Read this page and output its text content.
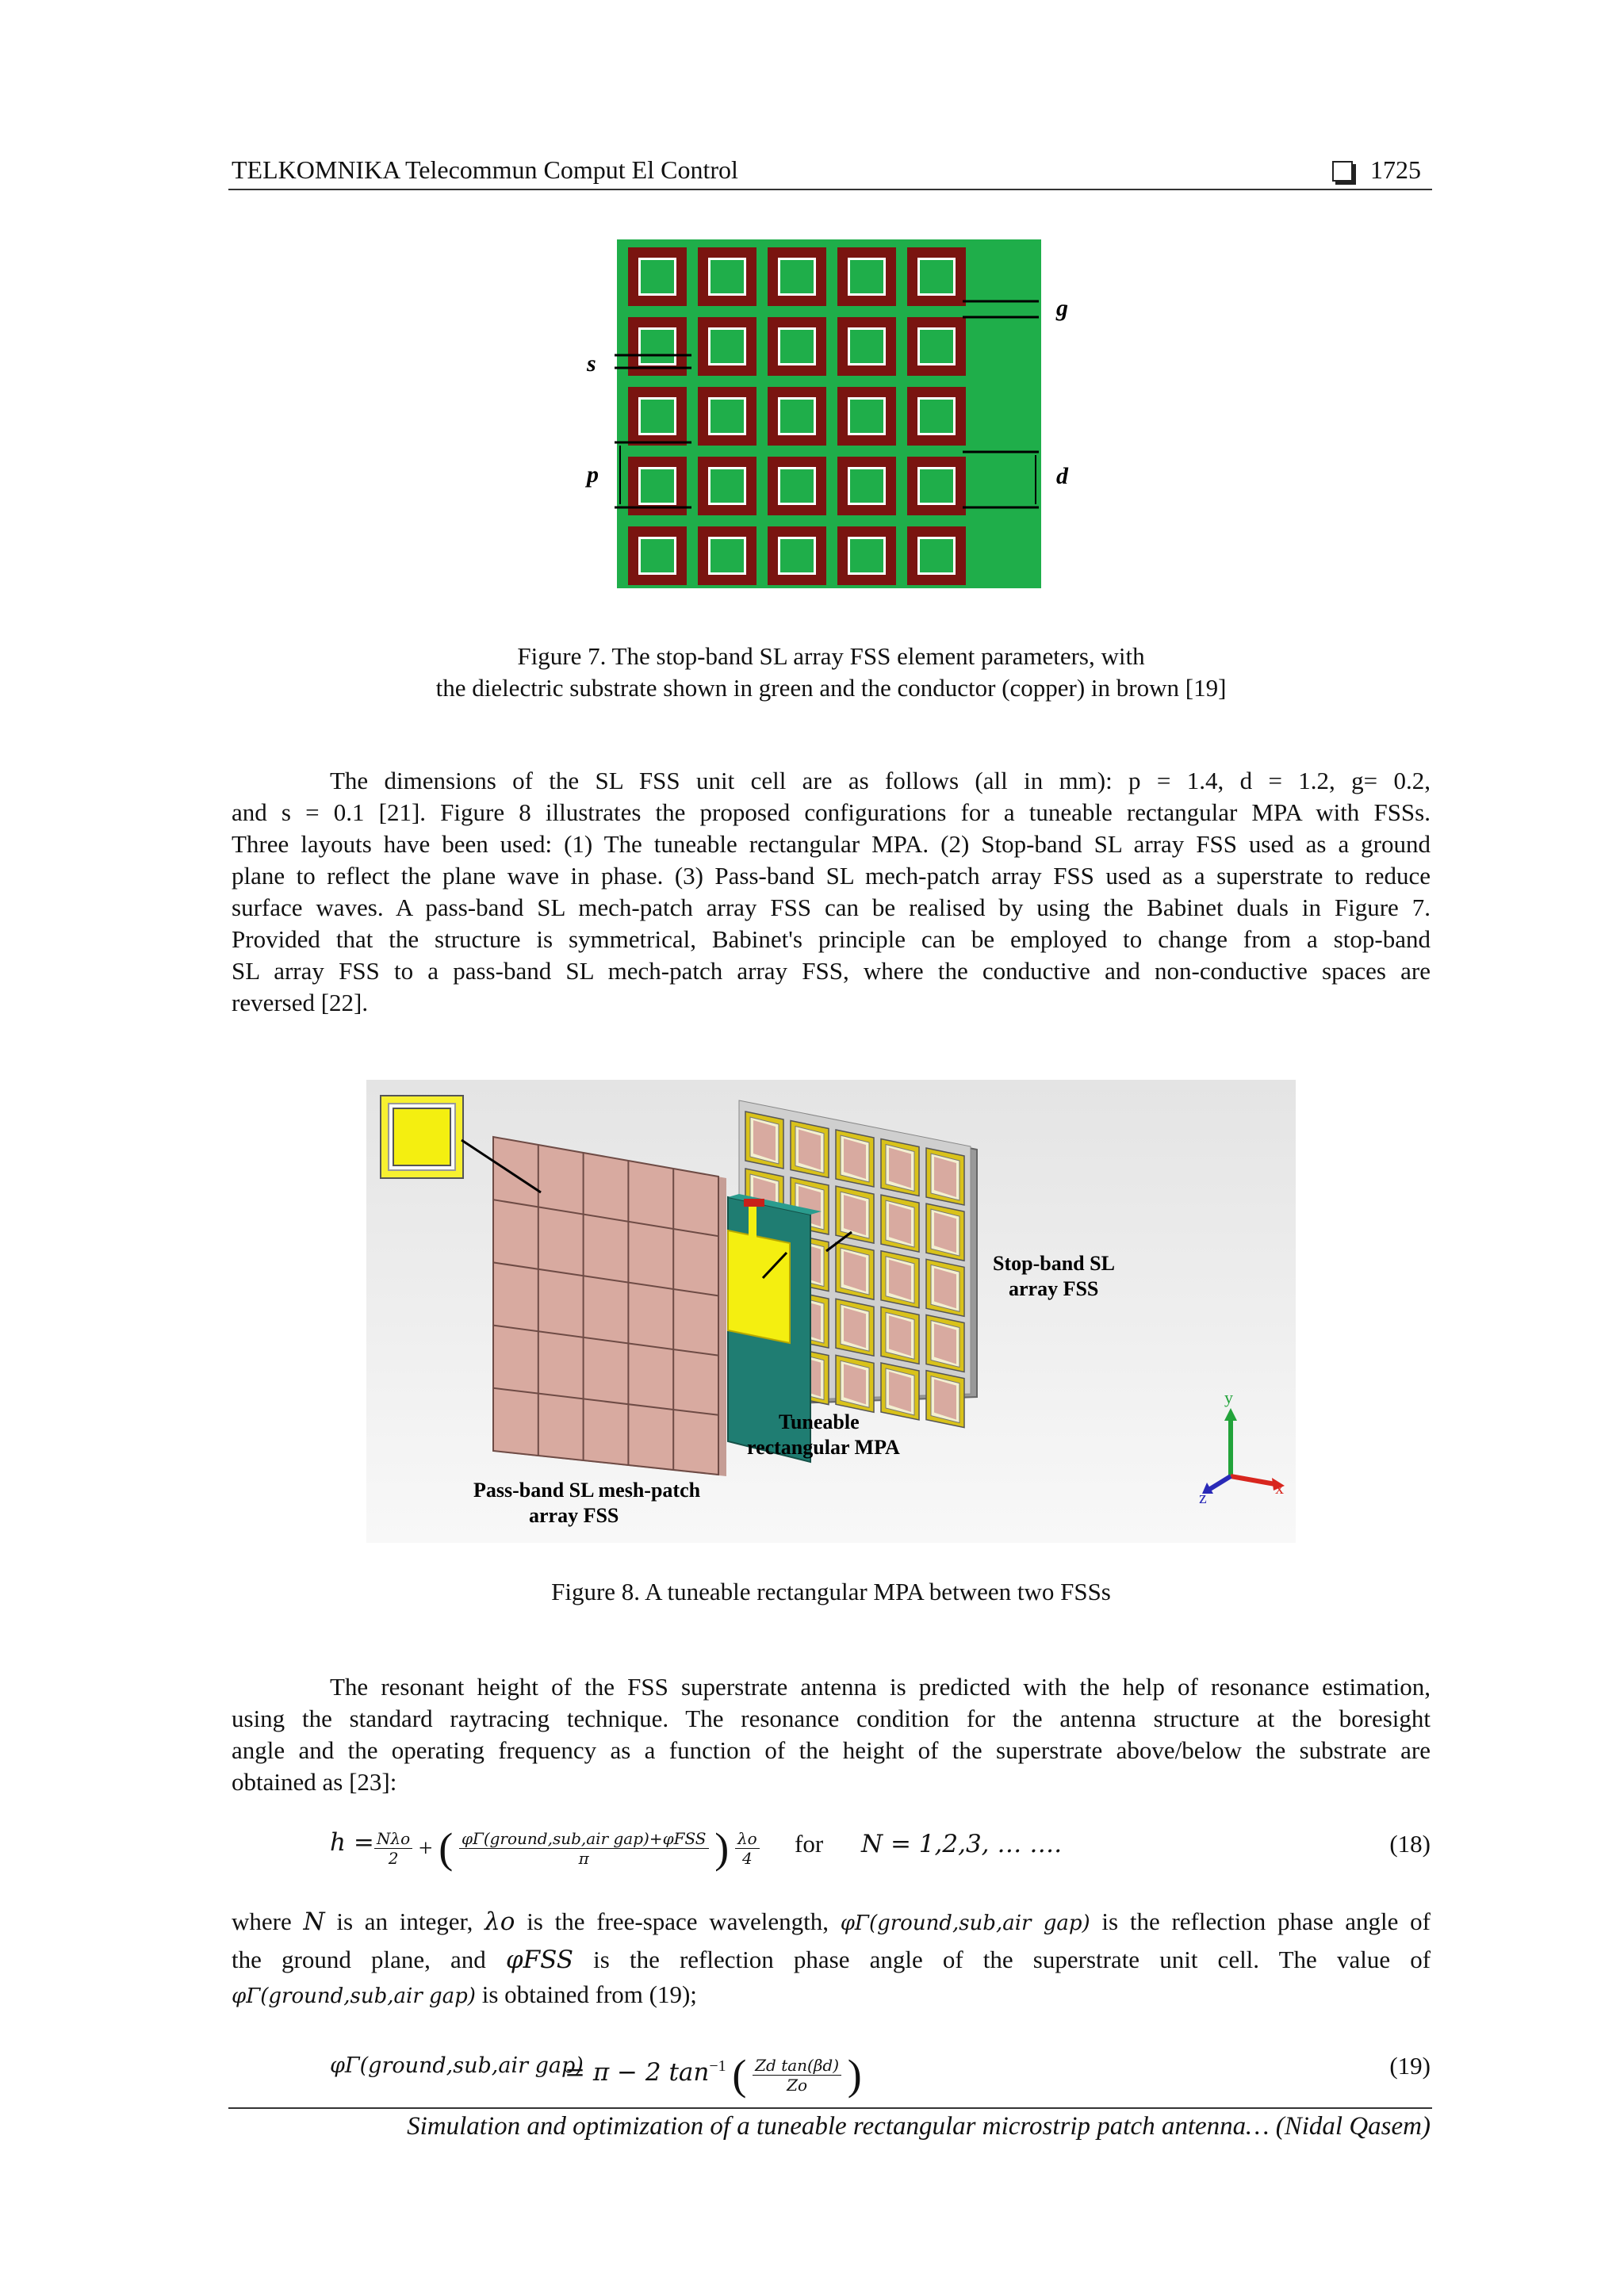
TELKOMNIKA Telecommun Comput El Control	1725
g
s
p	d
Figure 7. The stop-band SL array FSS element parameters, with
the dielectric substrate shown in green and the conductor (copper) in brown [19]
The dimensions of the SL FSS unit cell are as follows (all in mm): p = 1.4, d = 1.2, g= 0.2,
and s = 0.1 [21]. Figure 8 illustrates the proposed configurations for a tuneable rectangular MPA with FSSs.
Three layouts have been used: (1) The tuneable rectangular MPA. (2) Stop-band SL array FSS used as a ground
plane to reflect the plane wave in phase. (3) Pass-band SL mech-patch array FSS used as a superstrate to reduce
surface waves. A pass-band SL mech-patch array FSS can be realised by using the Babinet duals in Figure 7.
Provided that the structure is symmetrical, Babinet's principle can be employed to change from a stop-band
SL array FSS to a pass-band SL mech-patch array FSS, where the conductive and non-conductive spaces are
reversed [22].
Stop-band SL
array FSS
Tuneable
rectangular MPA
Pass-band SL mesh-patch
array FSS
y
x
z
Figure 8. A tuneable rectangular MPA between two FSSs
The resonant height of the FSS superstrate antenna is predicted with the help of resonance estimation,
using the standard raytracing technique. The resonance condition for the antenna structure at the boresight
angle and the operating frequency as a function of the height of the superstrate above/below the substrate are
obtained as [23]:
$h = \frac{\text{Nλo}}{2}$ + ( $\frac{\text{φΓ(ground,sub,air gap)+φFSS}}{\pi}$ ) $\frac{\lambda o}{4}$ for N = 1,2,3, … ….	(18)
where N is an integer, λo is the free-space wavelength, φΓ(ground,sub,air gap) is the reflection phase angle of
the ground plane, and φFSS is the reflection phase angle of the superstrate unit cell. The value of
φΓ(ground,sub,air gap) is obtained from (19);
φΓ(ground,sub,air gap)
= π − 2 $\tan^{-1}$ ( $\frac{\text{Zd tan(βd)}}{Zo}$ )	(19)
Simulation and optimization of a tuneable rectangular microstrip patch antenna… (Nidal Qasem)
